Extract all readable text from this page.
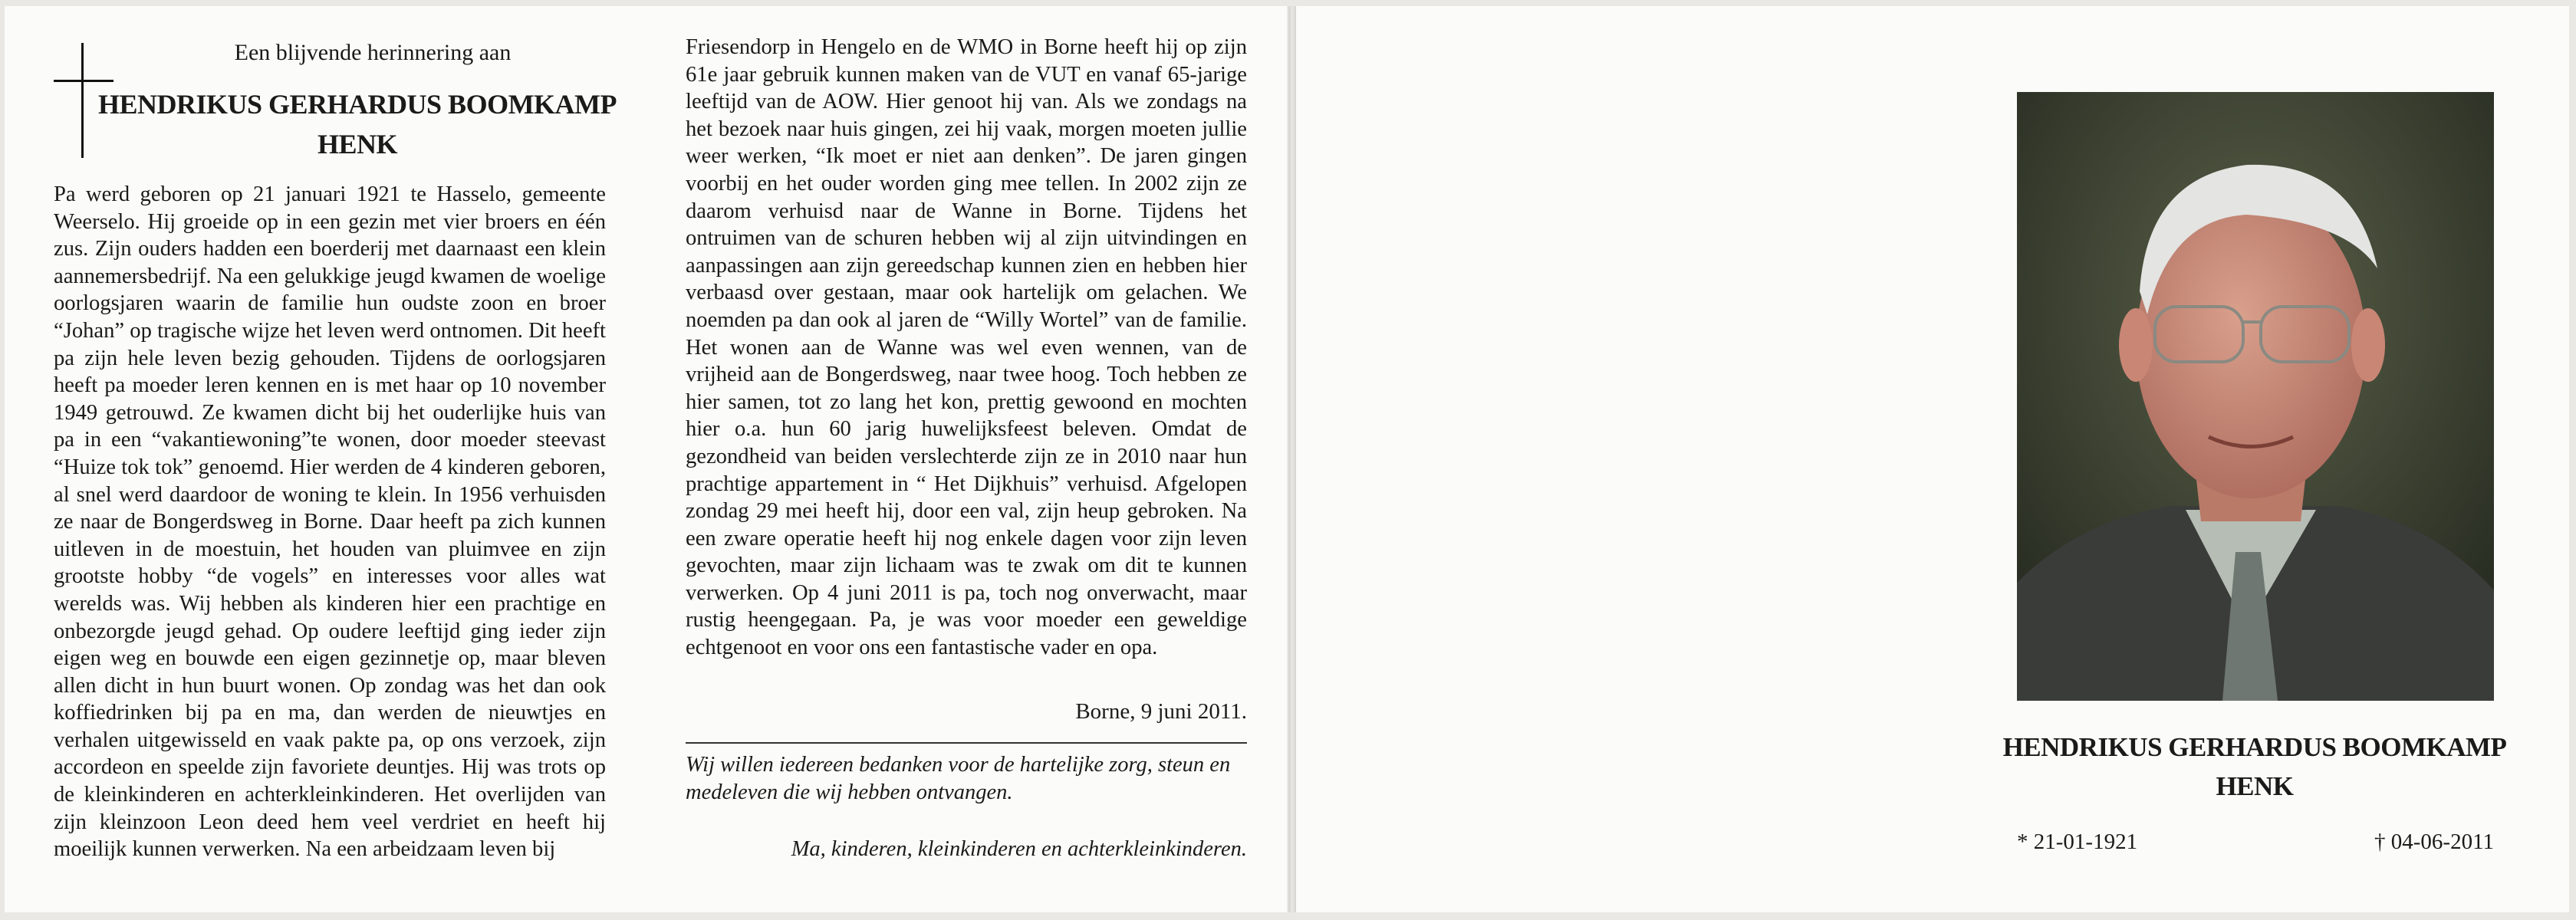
Een blijvende herinnering aan
HENDRIKUS GERHARDUS BOOMKAMP
HENK

Pa werd geboren op 21 januari 1921 te Hasselo, gemeente Weerselo. Hij groeide op in een gezin met vier broers en één zus. Zijn ouders hadden een boerderij met daarnaast een klein aannemersbedrijf. Na een gelukkige jeugd kwamen de woelige oorlogsjaren waarin de familie hun oudste zoon en broer “Johan” op tragische wijze het leven werd ontnomen. Dit heeft pa zijn hele leven bezig gehouden. Tijdens de oorlogsjaren heeft pa moeder leren kennen en is met haar op 10 november 1949 getrouwd. Ze kwamen dicht bij het ouderlijke huis van pa in een “vakantiewoning”te wonen, door moeder steevast “Huize tok tok” genoemd. Hier werden de 4 kinderen geboren, al snel werd daardoor de woning te klein. In 1956 verhuisden ze naar de Bongerdsweg in Borne. Daar heeft pa zich kunnen uitleven in de moestuin, het houden van pluimvee en zijn grootste hobby “de vogels” en interesses voor alles wat werelds was. Wij hebben als kinderen hier een prachtige en onbezorgde jeugd gehad. Op oudere leeftijd ging ieder zijn eigen weg en bouwde een eigen gezinnetje op, maar bleven allen dicht in hun buurt wonen. Op zondag was het dan ook koffiedrinken bij pa en ma, dan werden de nieuwtjes en verhalen uitgewisseld en vaak pakte pa, op ons verzoek, zijn accordeon en speelde zijn favoriete deuntjes. Hij was trots op de kleinkinderen en achterkleinkinderen. Het overlijden van zijn kleinzoon Leon deed hem veel verdriet en heeft hij moeilijk kunnen verwerken. Na een arbeidzaam leven bij

Friesendorp in Hengelo en de WMO in Borne heeft hij op zijn 61e jaar gebruik kunnen maken van de VUT en vanaf 65-jarige leeftijd van de AOW. Hier genoot hij van. Als we zondags na het bezoek naar huis gingen, zei hij vaak, morgen moeten jullie weer werken, “Ik moet er niet aan denken”. De jaren gingen voorbij en het ouder worden ging mee tellen. In 2002 zijn ze daarom verhuisd naar de Wanne in Borne. Tijdens het ontruimen van de schuren hebben wij al zijn uitvindingen en aanpassingen aan zijn gereedschap kunnen zien en hebben hier verbaasd over gestaan, maar ook hartelijk om gelachen. We noemden pa dan ook al jaren de “Willy Wortel” van de familie. Het wonen aan de Wanne was wel even wennen, van de vrijheid aan de Bongerdsweg, naar twee hoog. Toch hebben ze hier samen, tot zo lang het kon, prettig gewoond en mochten hier o.a. hun 60 jarig huwelijksfeest beleven. Omdat de gezondheid van beiden verslechterde zijn ze in 2010 naar hun prachtige appartement in “ Het Dijkhuis” verhuisd. Afgelopen zondag 29 mei heeft hij, door een val, zijn heup gebroken. Na een zware operatie heeft hij nog enkele dagen voor zijn leven gevochten, maar zijn lichaam was te zwak om dit te kunnen verwerken. Op 4 juni 2011 is pa, toch nog onverwacht, maar rustig heengegaan. Pa, je was voor moeder een geweldige echtgenoot en voor ons een fantastische vader en opa.

Borne, 9 juni 2011.
Wij willen iedereen bedanken voor de hartelijke zorg, steun en medeleven die wij hebben ontvangen.
Ma, kinderen, kleinkinderen en achterkleinkinderen.
HENDRIKUS GERHARDUS BOOMKAMP
HENK
* 21-01-1921	† 04-06-2011
